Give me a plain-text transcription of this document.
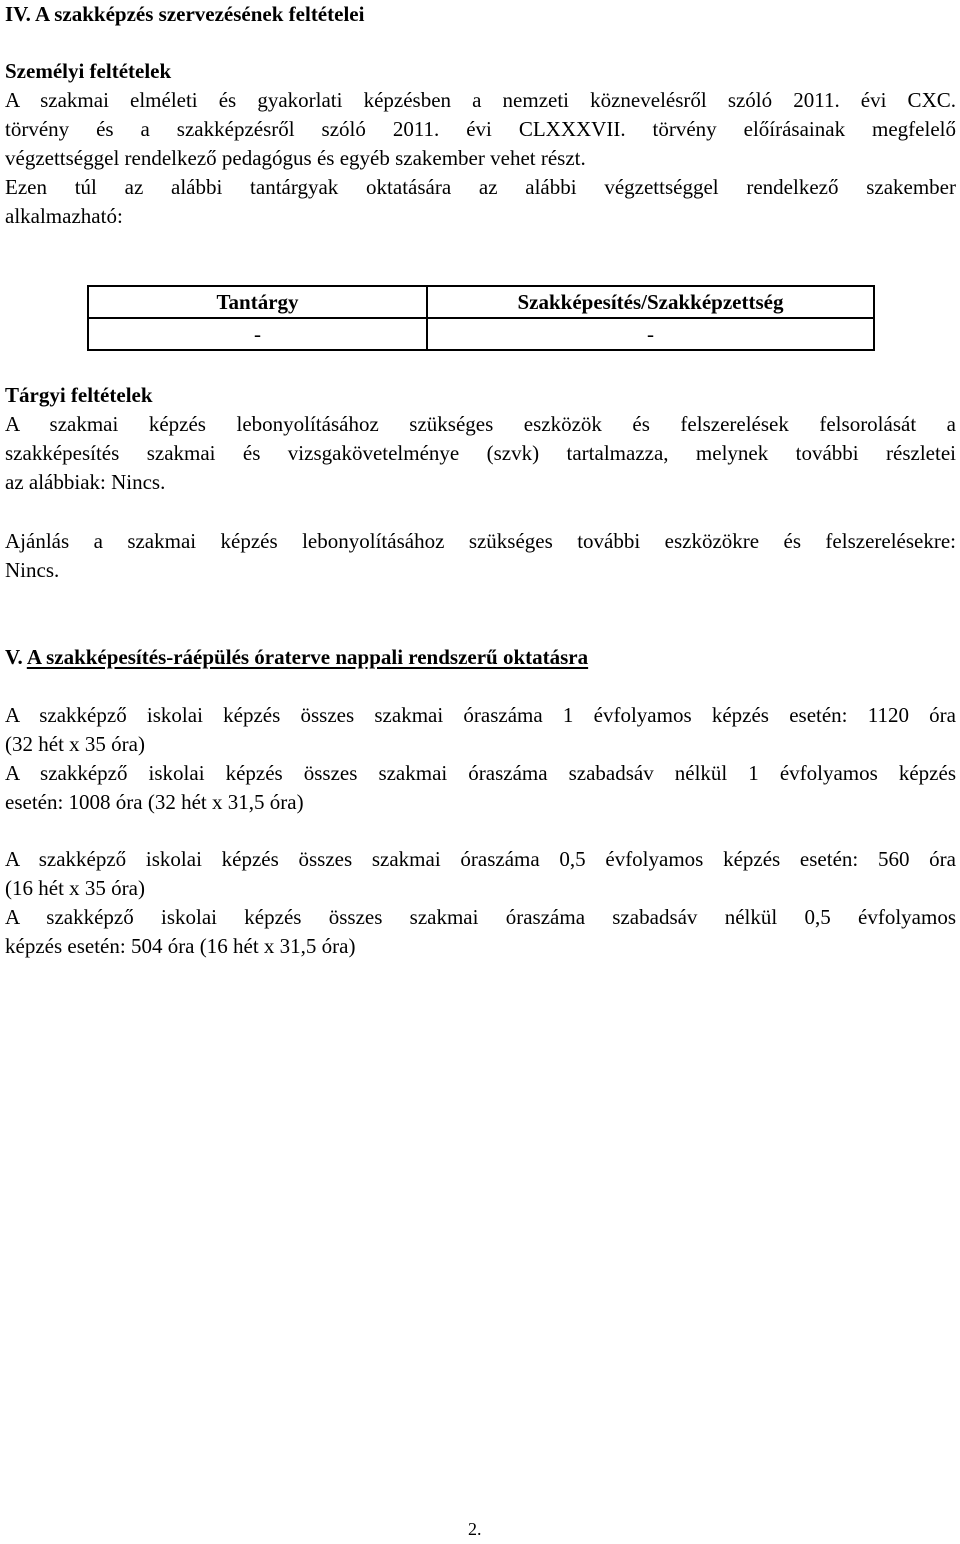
IV. A szakképzés szervezésének feltételei
Személyi feltételek
A szakmai elméleti és gyakorlati képzésben a nemzeti köznevelésről szóló 2011. évi CXC.
törvény és a szakképzésről szóló 2011. évi CLXXXVII. törvény előírásainak megfelelő
végzettséggel rendelkező pedagógus és egyéb szakember vehet részt.
Ezen túl az alábbi tantárgyak oktatására az alábbi végzettséggel rendelkező szakember
alkalmazható:
Tantárgy	Szakképesítés/Szakképzettség
-	-
Tárgyi feltételek
A szakmai képzés lebonyolításához szükséges eszközök és felszerelések felsorolását a
szakképesítés szakmai és vizsgakövetelménye (szvk) tartalmazza, melynek további részletei
az alábbiak: Nincs.
Ajánlás a szakmai képzés lebonyolításához szükséges további eszközökre és felszerelésekre:
Nincs.
V. A szakképesítés-ráépülés óraterve nappali rendszerű oktatásra
A szakképző iskolai képzés összes szakmai óraszáma 1 évfolyamos képzés esetén: 1120 óra
(32 hét x 35 óra)
A szakképző iskolai képzés összes szakmai óraszáma szabadsáv nélkül 1 évfolyamos képzés
esetén: 1008 óra (32 hét x 31,5 óra)
A szakképző iskolai képzés összes szakmai óraszáma 0,5 évfolyamos képzés esetén: 560 óra
(16 hét x 35 óra)
A szakképző iskolai képzés összes szakmai óraszáma szabadsáv nélkül 0,5 évfolyamos
képzés esetén: 504 óra (16 hét x 31,5 óra)
2.
